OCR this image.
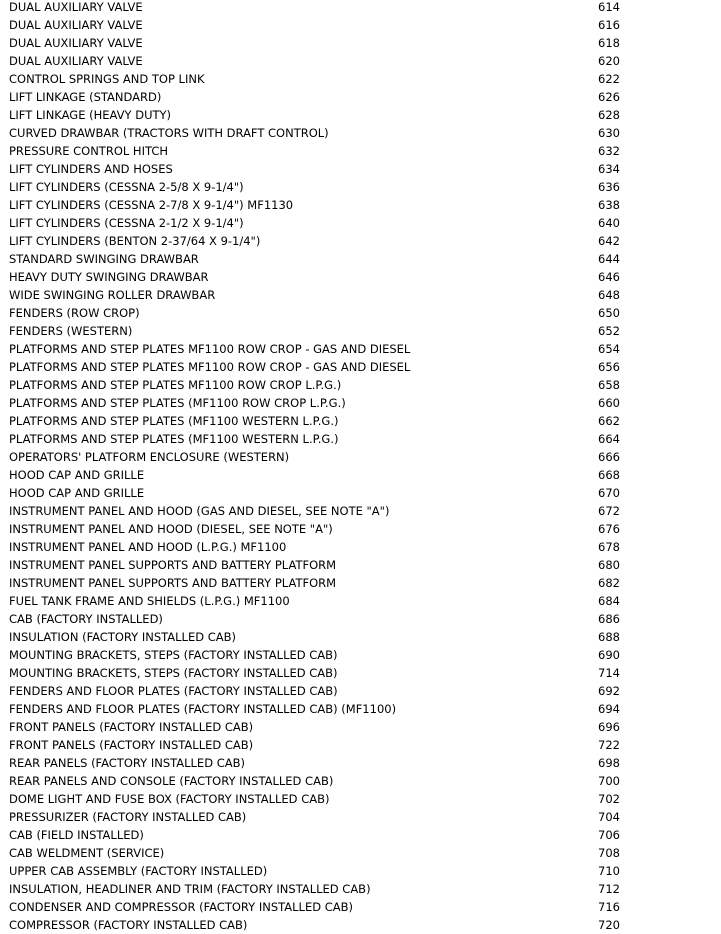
DUAL AUXILIARY VALVE	614
DUAL AUXILIARY VALVE	616
DUAL AUXILIARY VALVE	618
DUAL AUXILIARY VALVE	620
CONTROL SPRINGS AND TOP LINK	622
LIFT LINKAGE (STANDARD)	626
LIFT LINKAGE (HEAVY DUTY)	628
CURVED DRAWBAR (TRACTORS WITH DRAFT CONTROL)	630
PRESSURE CONTROL HITCH	632
LIFT CYLINDERS AND HOSES	634
LIFT CYLINDERS (CESSNA 2-5/8 X 9-1/4")	636
LIFT CYLINDERS (CESSNA 2-7/8 X 9-1/4") MF1130	638
LIFT CYLINDERS (CESSNA 2-1/2 X 9-1/4")	640
LIFT CYLINDERS (BENTON 2-37/64 X 9-1/4")	642
STANDARD SWINGING DRAWBAR	644
HEAVY DUTY SWINGING DRAWBAR	646
WIDE SWINGING ROLLER DRAWBAR	648
FENDERS (ROW CROP)	650
FENDERS (WESTERN)	652
PLATFORMS AND STEP PLATES MF1100 ROW CROP - GAS AND DIESEL	654
PLATFORMS AND STEP PLATES MF1100 ROW CROP - GAS AND DIESEL	656
PLATFORMS AND STEP PLATES MF1100 ROW CROP L.P.G.)	658
PLATFORMS AND STEP PLATES (MF1100 ROW CROP L.P.G.)	660
PLATFORMS AND STEP PLATES (MF1100 WESTERN L.P.G.)	662
PLATFORMS AND STEP PLATES (MF1100 WESTERN L.P.G.)	664
OPERATORS' PLATFORM ENCLOSURE (WESTERN)	666
HOOD CAP AND GRILLE	668
HOOD CAP AND GRILLE	670
INSTRUMENT PANEL AND HOOD (GAS AND DIESEL, SEE NOTE "A")	672
INSTRUMENT PANEL AND HOOD (DIESEL, SEE NOTE "A")	676
INSTRUMENT PANEL AND HOOD (L.P.G.) MF1100	678
INSTRUMENT PANEL SUPPORTS AND BATTERY PLATFORM	680
INSTRUMENT PANEL SUPPORTS AND BATTERY PLATFORM	682
FUEL TANK FRAME AND SHIELDS (L.P.G.) MF1100	684
CAB (FACTORY INSTALLED)	686
INSULATION (FACTORY INSTALLED CAB)	688
MOUNTING BRACKETS, STEPS (FACTORY INSTALLED CAB)	690
MOUNTING BRACKETS, STEPS (FACTORY INSTALLED CAB)	714
FENDERS AND FLOOR PLATES (FACTORY INSTALLED CAB)	692
FENDERS AND FLOOR PLATES (FACTORY INSTALLED CAB) (MF1100)	694
FRONT PANELS (FACTORY INSTALLED CAB)	696
FRONT PANELS (FACTORY INSTALLED CAB)	722
REAR PANELS (FACTORY INSTALLED CAB)	698
REAR PANELS AND CONSOLE (FACTORY INSTALLED CAB)	700
DOME LIGHT AND FUSE BOX (FACTORY INSTALLED CAB)	702
PRESSURIZER (FACTORY INSTALLED CAB)	704
CAB (FIELD INSTALLED)	706
CAB WELDMENT (SERVICE)	708
UPPER CAB ASSEMBLY (FACTORY INSTALLED)	710
INSULATION, HEADLINER AND TRIM (FACTORY INSTALLED CAB)	712
CONDENSER AND COMPRESSOR (FACTORY INSTALLED CAB)	716
COMPRESSOR (FACTORY INSTALLED CAB)	720
